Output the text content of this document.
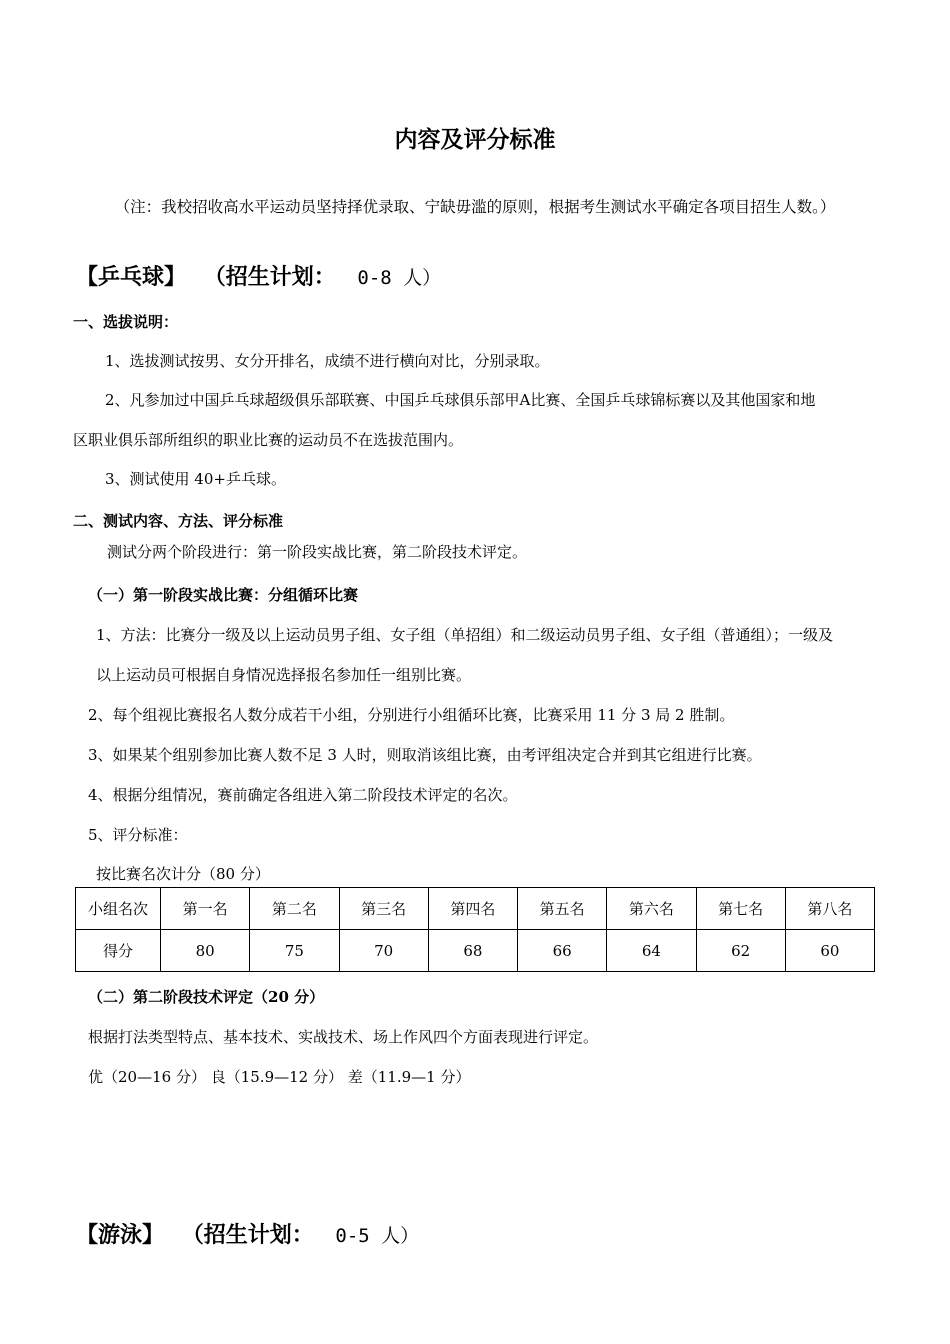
内容及评分标准
（注：我校招收高水平运动员坚持择优录取、宁缺毋滥的原则，根据考生测试水平确定各项目招生人数。）
【乒乓球】 （招生计划： 0-8 人）
一、选拔说明：
1、选拔测试按男、女分开排名，成绩不进行横向对比，分别录取。
2、凡参加过中国乒乓球超级俱乐部联赛、中国乒乓球俱乐部甲A比赛、全国乒乓球锦标赛以及其他国家和地
区职业俱乐部所组织的职业比赛的运动员不在选拔范围内。
3、测试使用 40+乒乓球。
二、测试内容、方法、评分标准
测试分两个阶段进行：第一阶段实战比赛，第二阶段技术评定。
（一）第一阶段实战比赛：分组循环比赛
1、方法：比赛分一级及以上运动员男子组、女子组（单招组）和二级运动员男子组、女子组（普通组）；一级及
以上运动员可根据自身情况选择报名参加任一组别比赛。
2、每个组视比赛报名人数分成若干小组，分别进行小组循环比赛，比赛采用 11 分 3 局 2 胜制。
3、如果某个组别参加比赛人数不足 3 人时，则取消该组比赛，由考评组决定合并到其它组进行比赛。
4、根据分组情况，赛前确定各组进入第二阶段技术评定的名次。
5、评分标准：
按比赛名次计分（80 分）
小组名次	第一名	第二名	第三名	第四名	第五名	第六名	第七名	第八名
得分	80	75	70	68	66	64	62	60
（二）第二阶段技术评定（20 分）
根据打法类型特点、基本技术、实战技术、场上作风四个方面表现进行评定。
优（20—16 分） 良（15.9—12 分） 差（11.9—1 分）
【游泳】 （招生计划： 0-5 人）
